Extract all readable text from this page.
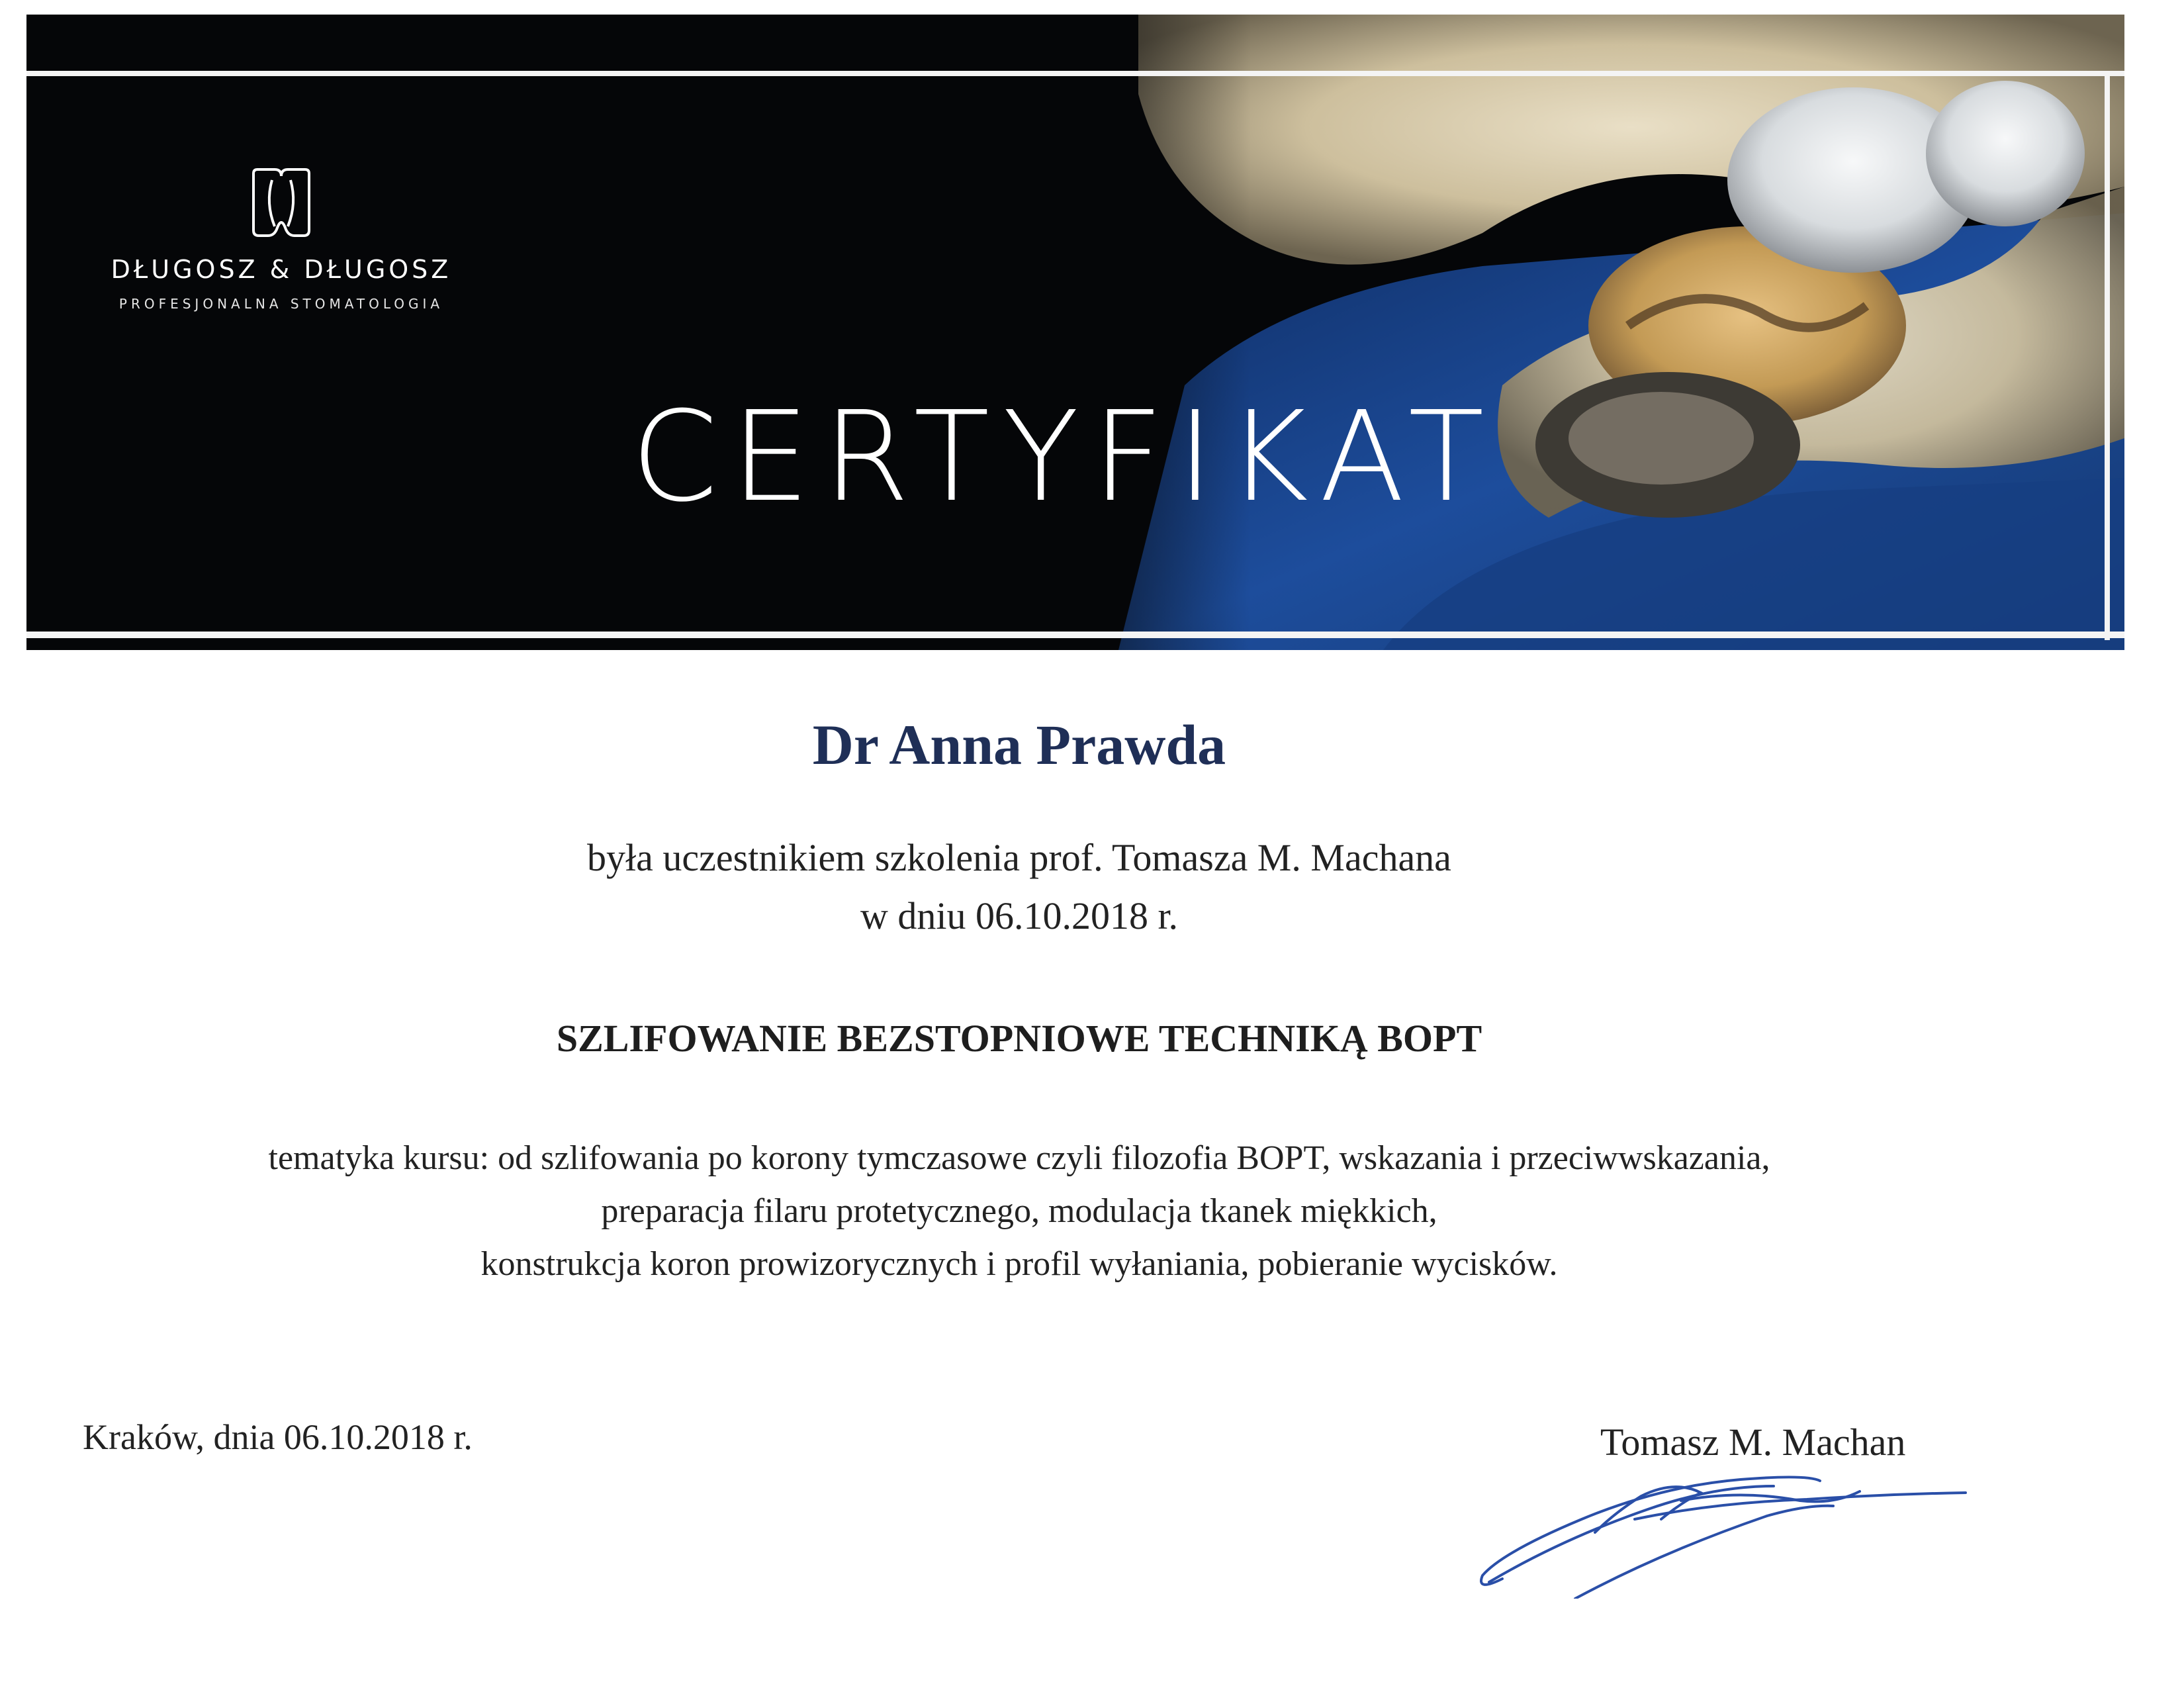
DŁUGOSZ & DŁUGOSZ
PROFESJONALNA STOMATOLOGIA
CERTYFIKAT
Dr Anna Prawda
była uczestnikiem szkolenia prof. Tomasza M. Machana
w dniu 06.10.2018 r.
SZLIFOWANIE BEZSTOPNIOWE TECHNIKĄ BOPT
tematyka kursu: od szlifowania po korony tymczasowe czyli filozofia BOPT, wskazania i przeciwwskazania,
preparacja filaru protetycznego, modulacja tkanek miękkich,
konstrukcja koron prowizorycznych i profil wyłaniania, pobieranie wycisków.
Kraków, dnia 06.10.2018 r.	Tomasz M. Machan
